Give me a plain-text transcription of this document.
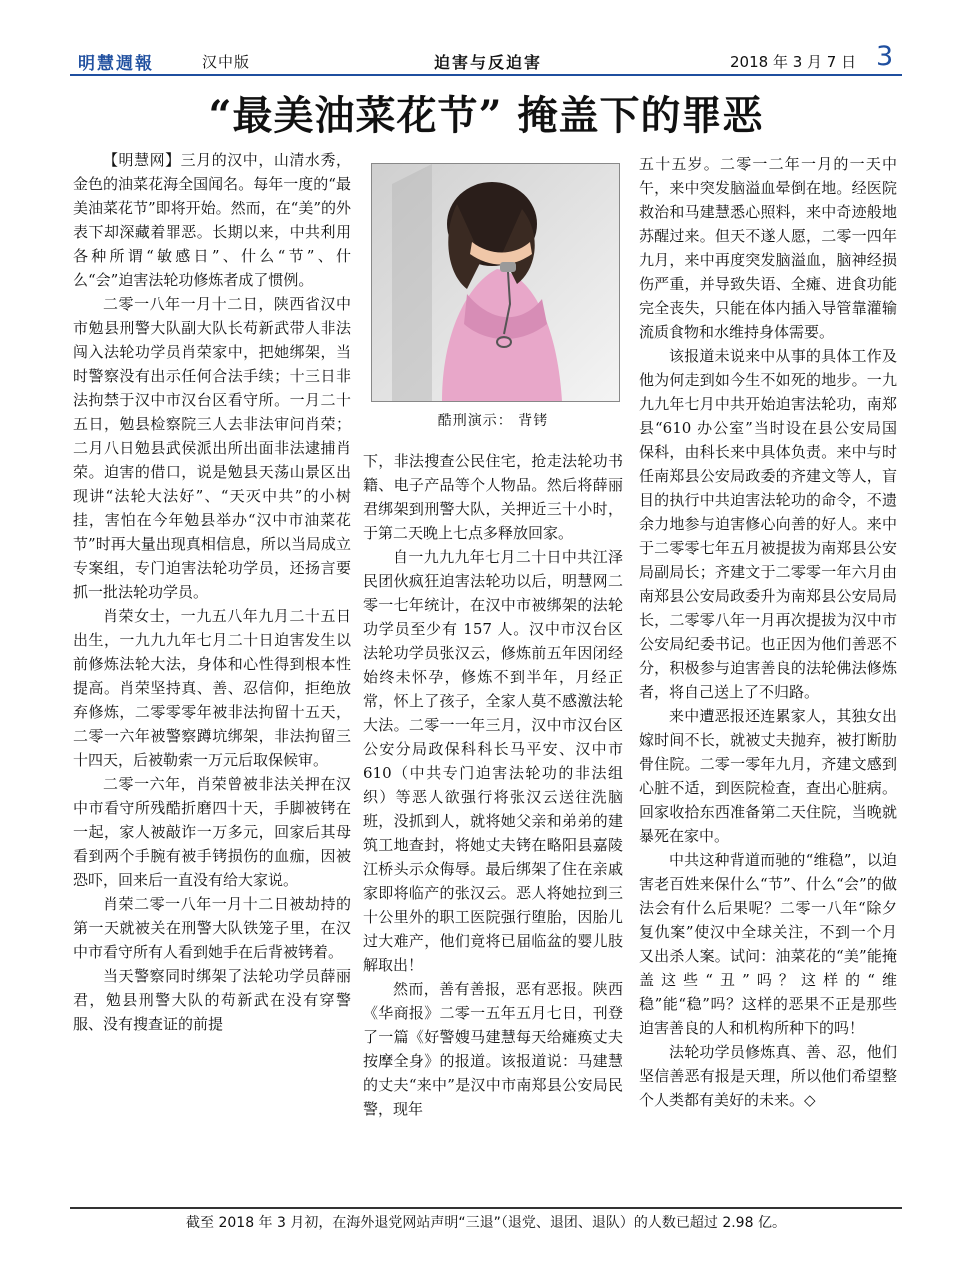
明慧週報	汉中版	迫害与反迫害	2018 年 3 月 7 日 3
“最美油菜花节” 掩盖下的罪恶

【明慧网】三月的汉中，山清水秀，金色的油菜花海全国闻名。每年一度的“最美油菜花节”即将开始。然而，在“美”的外表下却深藏着罪恶。长期以来，中共利用各种所谓“敏感日”、什么“节”、什么“会”迫害法轮功修炼者成了惯例。

二零一八年一月十二日，陕西省汉中市勉县刑警大队副大队长苟新武带人非法闯入法轮功学员肖荣家中，把她绑架，当时警察没有出示任何合法手续；十三日非法拘禁于汉中市汉台区看守所。一月二十五日，勉县检察院三人去非法审问肖荣；二月八日勉县武侯派出所出面非法逮捕肖荣。迫害的借口，说是勉县天荡山景区出现讲“法轮大法好”、“天灭中共”的小树挂，害怕在今年勉县举办“汉中市油菜花节”时再大量出现真相信息，所以当局成立专案组，专门迫害法轮功学员，还扬言要抓一批法轮功学员。

肖荣女士，一九五八年九月二十五日出生，一九九九年七月二十日迫害发生以前修炼法轮大法，身体和心性得到根本性提高。肖荣坚持真、善、忍信仰，拒绝放弃修炼，二零零零年被非法拘留十五天，二零一六年被警察蹲坑绑架，非法拘留三十四天，后被勒索一万元后取保候审。

二零一六年，肖荣曾被非法关押在汉中市看守所残酷折磨四十天，手脚被铐在一起，家人被敲诈一万多元，回家后其母看到两个手腕有被手铐损伤的血痂，因被恐吓，回来后一直没有给大家说。

肖荣二零一八年一月十二日被劫持的第一天就被关在刑警大队铁笼子里，在汉中市看守所有人看到她手在后背被铐着。

当天警察同时绑架了法轮功学员薛丽君，勉县刑警大队的苟新武在没有穿警服、没有搜查证的前提

酷刑演示： 背铐

下，非法搜查公民住宅，抢走法轮功书籍、电子产品等个人物品。然后将薛丽君绑架到刑警大队，关押近三十小时，于第二天晚上七点多释放回家。

自一九九九年七月二十日中共江泽民团伙疯狂迫害法轮功以后，明慧网二零一七年统计，在汉中市被绑架的法轮功学员至少有 157 人。汉中市汉台区法轮功学员张汉云，修炼前五年因闭经始终未怀孕，修炼不到半年，月经正常，怀上了孩子，全家人莫不感激法轮大法。二零一一年三月，汉中市汉台区公安分局政保科科长马平安、汉中市 610（中共专门迫害法轮功的非法组织）等恶人欲强行将张汉云送往洗脑班，没抓到人，就将她父亲和弟弟的建筑工地查封，将她丈夫铐在略阳县嘉陵江桥头示众侮辱。最后绑架了住在亲戚家即将临产的张汉云。恶人将她拉到三十公里外的职工医院强行堕胎，因胎儿过大难产，他们竟将已届临盆的婴儿肢解取出！

然而，善有善报，恶有恶报。陕西《华商报》二零一五年五月七日，刊登了一篇《好警嫂马建慧每天给瘫痪丈夫按摩全身》的报道。该报道说：马建慧的丈夫“来中”是汉中市南郑县公安局民警，现年

五十五岁。二零一二年一月的一天中午，来中突发脑溢血晕倒在地。经医院救治和马建慧悉心照料，来中奇迹般地苏醒过来。但天不遂人愿，二零一四年九月，来中再度突发脑溢血，脑神经损伤严重，并导致失语、全瘫、进食功能完全丧失，只能在体内插入导管靠灌输流质食物和水维持身体需要。

该报道未说来中从事的具体工作及他为何走到如今生不如死的地步。一九九九年七月中共开始迫害法轮功，南郑县“610 办公室”当时设在县公安局国保科，由科长来中具体负责。来中与时任南郑县公安局政委的齐建文等人，盲目的执行中共迫害法轮功的命令，不遗余力地参与迫害修心向善的好人。来中于二零零七年五月被提拔为南郑县公安局副局长；齐建文于二零零一年六月由南郑县公安局政委升为南郑县公安局局长，二零零八年一月再次提拔为汉中市公安局纪委书记。也正因为他们善恶不分，积极参与迫害善良的法轮佛法修炼者，将自己送上了不归路。

来中遭恶报还连累家人，其独女出嫁时间不长，就被丈夫抛弃，被打断肋骨住院。二零一零年九月，齐建文感到心脏不适，到医院检查，查出心脏病。回家收拾东西准备第二天住院，当晚就暴死在家中。

中共这种背道而驰的“维稳”，以迫害老百姓来保什么“节”、什么“会”的做法会有什么后果呢？二零一八年“除夕复仇案”使汉中全球关注，不到一个月又出杀人案。试问：油菜花的“美”能掩盖这些“丑”吗？这样的“维稳”能“稳”吗？这样的恶果不正是那些迫害善良的人和机构所种下的吗！

法轮功学员修炼真、善、忍，他们坚信善恶有报是天理，所以他们希望整个人类都有美好的未来。◇

截至 2018 年 3 月初，在海外退党网站声明“三退”（退党、退团、退队）的人数已超过 2.98 亿。
